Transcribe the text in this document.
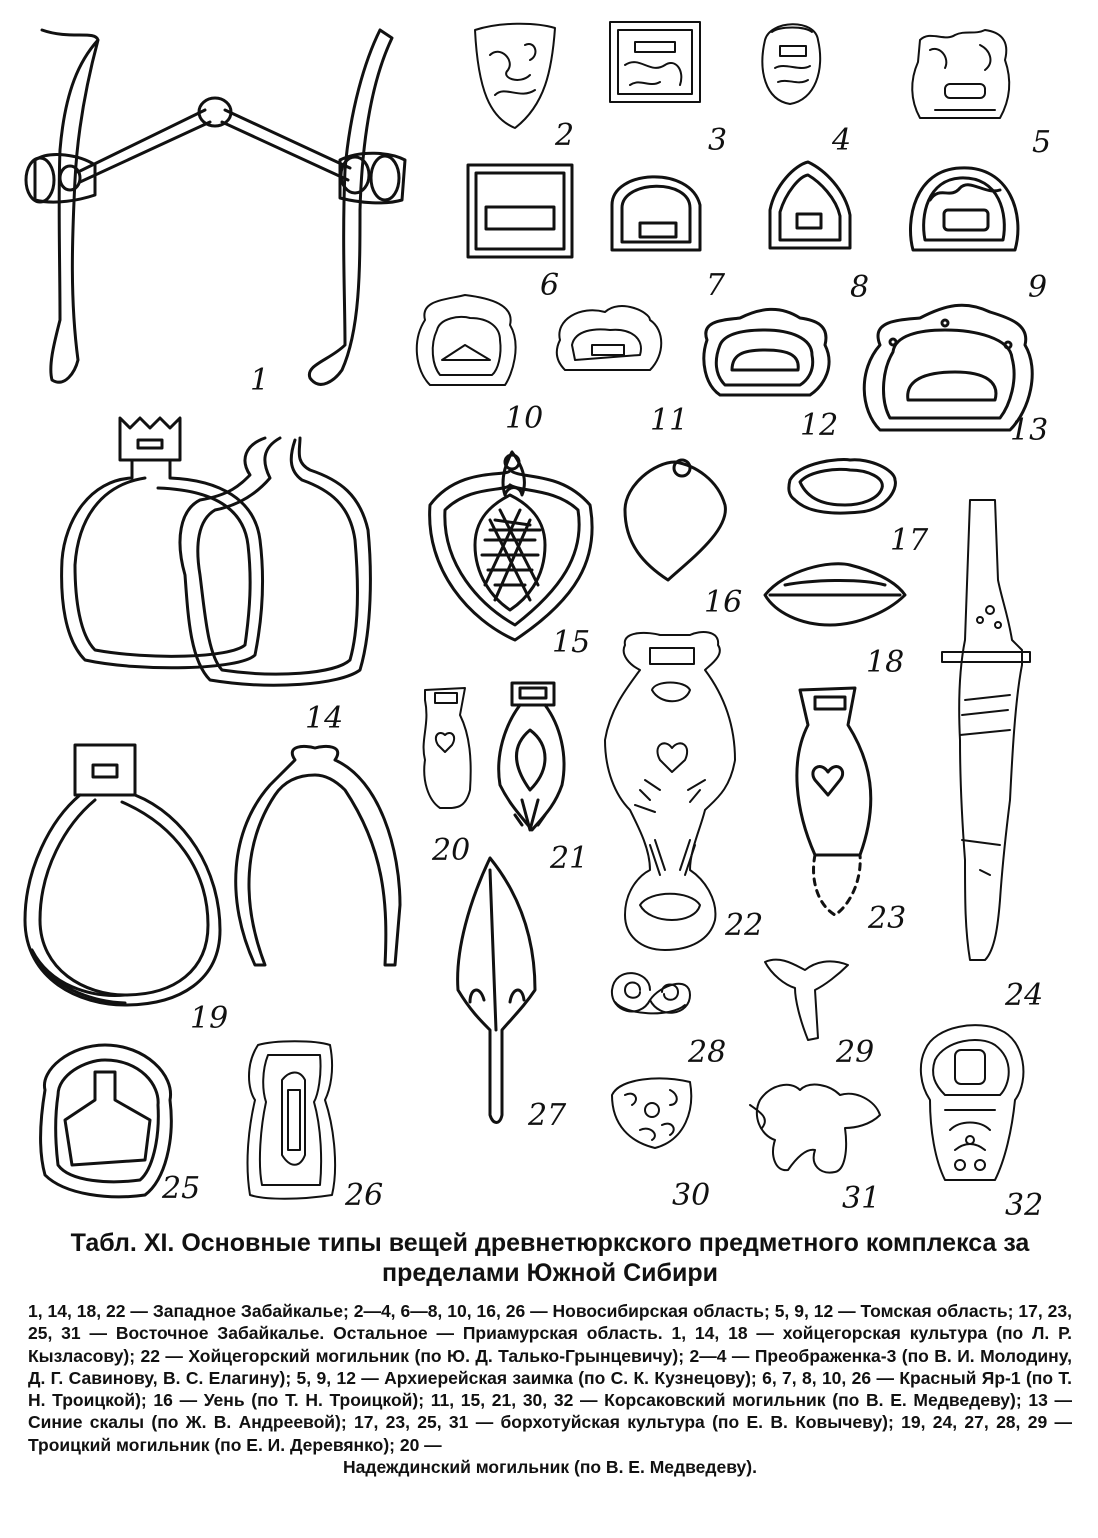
1
2	3	4	5
6	7	8	9
10	11	12	13
14
15
16
17
18
19
20	21
22	23
24
25	26
27
28	29
30	31	32
Табл. XI. Основные типы вещей древнетюркского предметного комплекса за
пределами Южной Сибири

1, 14, 18, 22 — Западное Забайкалье; 2—4, 6—8, 10, 16, 26 — Новосибирская область; 5, 9, 12 — Томская область; 17, 23, 25, 31 — Восточное Забайкалье. Остальное — Приамурская область. 1, 14, 18 — хойцегорская культура (по Л. Р. Кызласову); 22 — Хойцегорский могильник (по Ю. Д. Талько-Грынцевичу); 2—4 — Преображенка-3 (по В. И. Молодину, Д. Г. Савинову, В. С. Елагину); 5, 9, 12 — Архиерейская заимка (по С. К. Кузнецову); 6, 7, 8, 10, 26 — Красный Яр-1 (по Т. Н. Троицкой); 16 — Уень (по Т. Н. Троицкой); 11, 15, 21, 30, 32 — Корсаковский могильник (по В. Е. Медведеву); 13 — Синие скалы (по Ж. В. Андреевой); 17, 23, 25, 31 — борхотуйская культура (по Е. В. Ковычеву); 19, 24, 27, 28, 29 — Троицкий могильник (по Е. И. Деревянко); 20 —

Надеждинский могильник (по В. Е. Медведеву).
